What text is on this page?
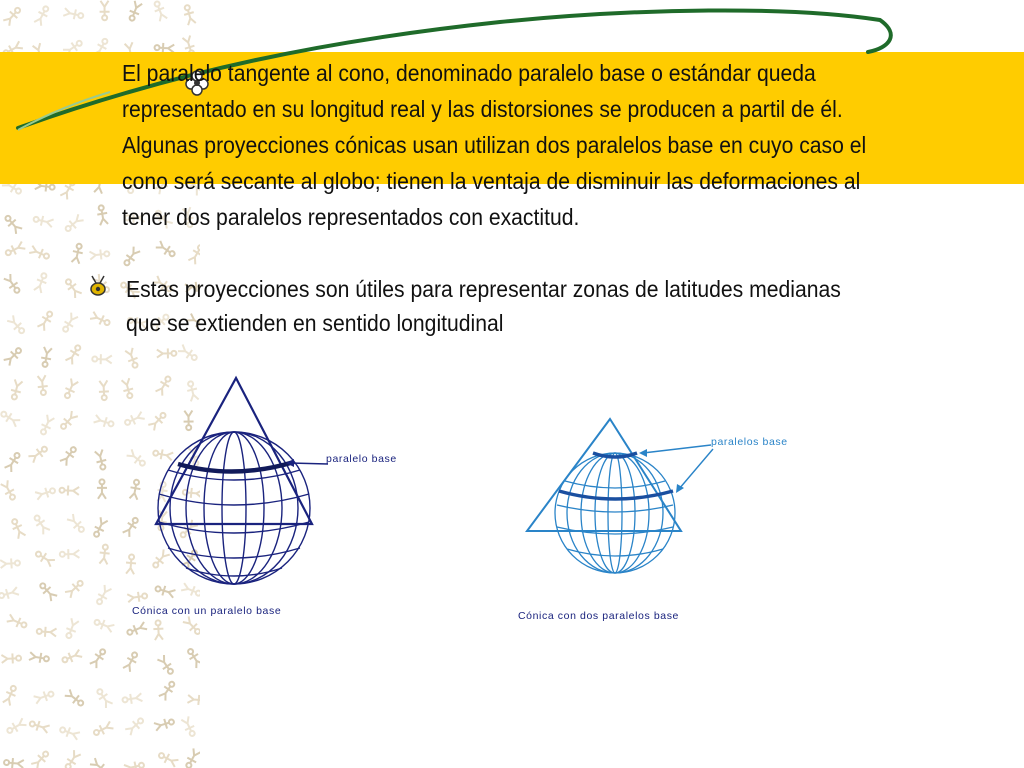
El paralelo tangente al cono, denominado paralelo base o estándar queda
representado en su longitud real y las distorsiones se producen a partil de él.
Algunas proyecciones cónicas usan utilizan dos paralelos base en cuyo caso el
cono será secante al globo; tienen la ventaja de disminuir las deformaciones al
tener dos paralelos representados con exactitud.
Estas proyecciones son útiles para representar zonas de latitudes medianas
que se extienden en sentido longitudinal
paralelo base
Cónica con un paralelo base
paralelos base
Cónica con dos paralelos base
